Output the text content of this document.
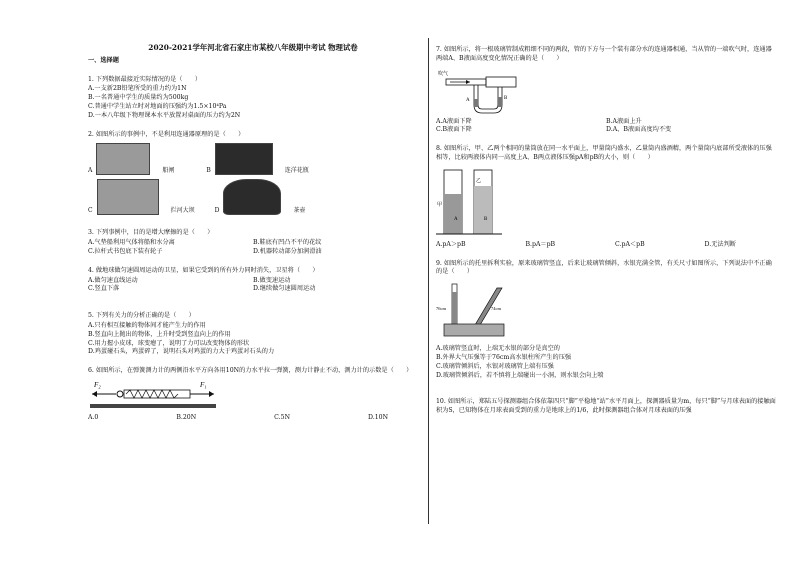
2020-2021学年河北省石家庄市某校八年级期中考试 物理试卷
一、选择题
1. 下列数据最接近实际情况的是（　　）
A.一支新2B铅笔所受的重力约为1N
B.一名普通中学生的质量约为500kg
C.普通中学生站立时对地面的压强约为1.5×10⁴Pa
D.一本八年级下物理课本水平放置对桌面的压力约为2N
2. 如图所示的事例中，不是利用连通器原理的是（　　）
A	船闸	B	连洋花瓶
C	拦河大坝	D	茶壶
3. 下列事例中，目的是增大摩擦的是（　　）
A.气垫船利用气体将船和水分离	B.鞋底有凹凸不平的花纹
C.拉杆式书包底下装有轮子	D.机器转动部分加润滑油
4. 做地球做匀速圆周运动的卫星，如果它受到的所有外力同时消失，卫星将（　　）
A.做匀速直线运动	B.做变速运动
C.竖直下落	D.继续做匀速圆周运动
5. 下列有关力的分析正确的是（　　）
A.只有相互接触的物体间才能产生力的作用
B.竖直向上抛出的物体，上升时受到竖直向上的作用
C.用力握小皮球，球变瘪了，说明了力可以改变物体的形状
D.鸡蛋碰石头，鸡蛋碎了，说明石头对鸡蛋的力大于鸡蛋对石头的力
6. 如图所示，在弹簧测力计的两侧沿水平方向各用10N的力水平拉一弹簧，测力计静止不动，测力计的示数是（　　）
F₂	F₁
A.0	B.20N	C.5N	D.10N
7. 如图所示，将一根玻璃管制成粗细不同的两段，管的下方与一个装有部分水的连通器相通，当从管的一端吹气时，连通器两端A、B液面高度变化情况正确的是（　　）
吹气
A	B
A.A液面下降	B.A液面上升
C.B液面下降	D.A、B液面高度均不变
8. 如图所示，甲、乙两个相同的量筒放在同一水平面上，甲量筒内盛水，乙量筒内盛酒精，两个量筒内底部所受液体的压强相等，比较两液体内同一高度上A、B两点液体压强pA和pB的大小，则（　　）
甲
乙
A	B
A.pA＞pB	B.pA＝pB	C.pA＜pB	D.无法判断
9. 如图所示的托里拆利实验，原来玻璃管竖直，后来让玻璃管倾斜，水银充满全管，有关尺寸如图所示，下列说法中不正确的是（　　）
76cm	74cm
A.玻璃管竖直时，上端无水银的部分是真空的
B.外界大气压强等于76cm高水银柱所产生的压强
C.玻璃管倾斜后，水银对玻璃管上端有压强
D.玻璃管倾斜后，若不慎将上端碰出一小洞，则水银会向上喷
10. 如图所示，郑陆五号探测器组合体依靠四只“脚”平稳地“站”水平月面上，探测器质量为m，每只“脚”与月球表面的接触面积为S，已知物体在月球表面受到的重力是地球上的1/6，此时探测器组合体对月球表面的压强
